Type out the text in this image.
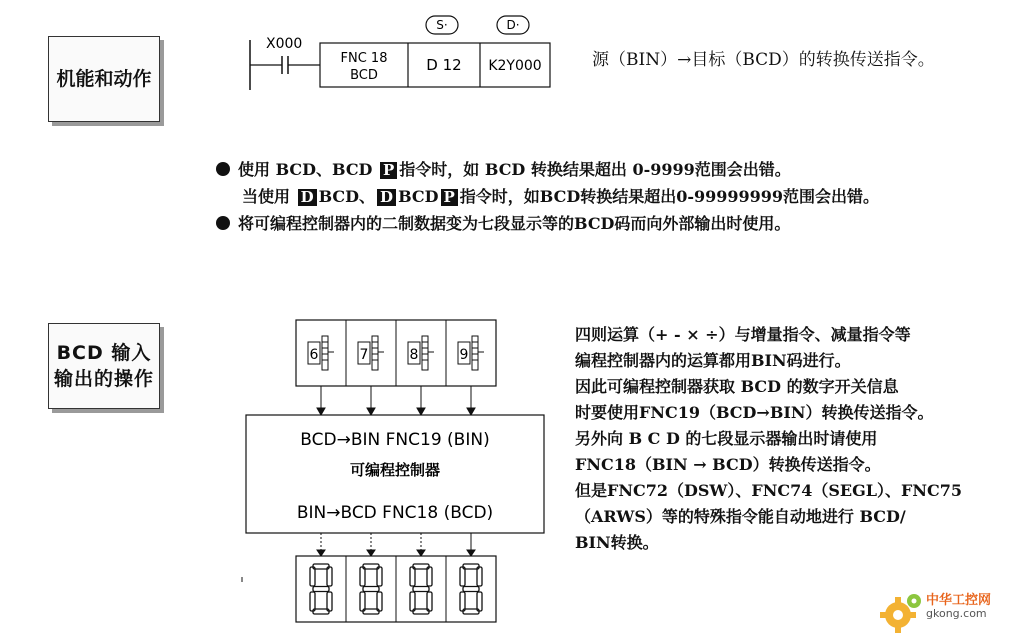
机能和动作
X000
FNC 18
BCD
D 12 K2Y000
S·	D·
源（BIN）→目标（BCD）的转换传送指令。
使用 BCD、BCD P 指令时，如 BCD 转换结果超出 0-9999范围会出错。
当使用 D BCD、 D BCD P 指令时，如BCD转换结果超出0-99999999范围会出错。
将可编程控制器内的二制数据变为七段显示等的BCD码而向外部输出时使用。
BCD 输入
输出的操作
6	7	8	9
BCD→BIN FNC19 (BIN)
可编程控制器
BIN→BCD FNC18 (BCD)
四则运算（+ - × ÷）与增量指令、减量指令等
编程控制器内的运算都用BIN码进行。
因此可编程控制器获取 BCD 的数字开关信息
时要使用FNC19（BCD→BIN）转换传送指令。
另外向 B C D 的七段显示器输出时请使用
FNC18（BIN → BCD）转换传送指令。
但是FNC72（DSW）、FNC74（SEGL）、FNC75
（ARWS）等的特殊指令能自动地进行 BCD/
BIN转换。
中华工控网
gkong.com
